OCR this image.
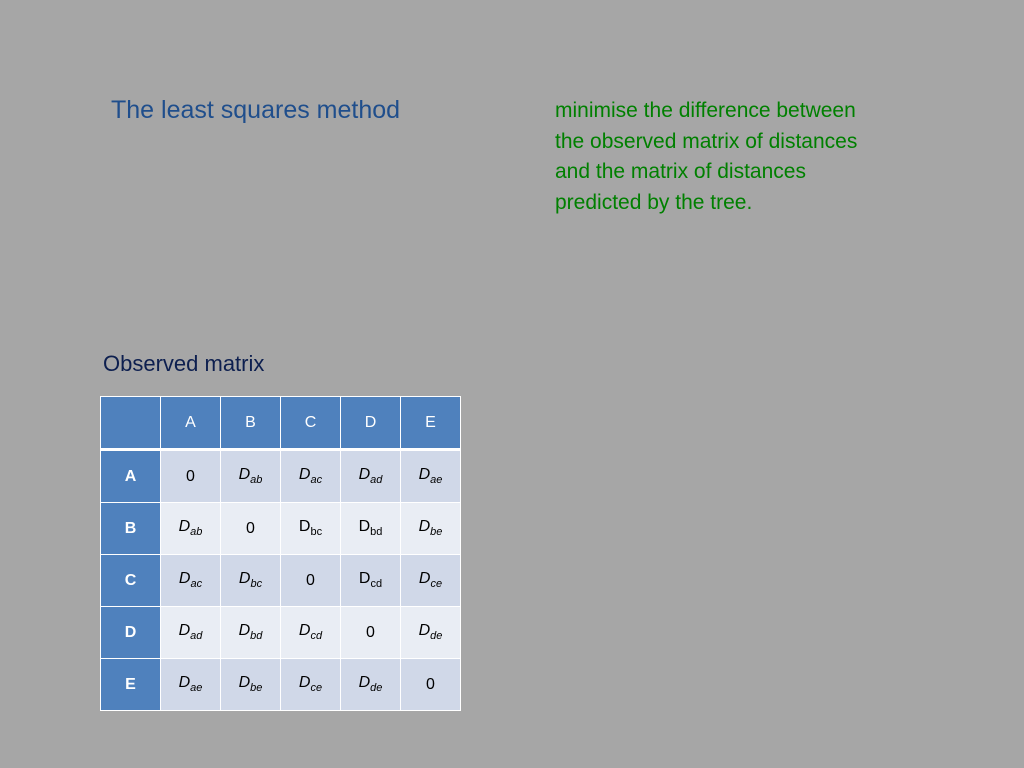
The least squares method	minimise the difference between
the observed matrix of distances
and the matrix of distances
predicted by the tree.
Observed matrix
	A	B	C	D	E
A	0	$D_{ab}$	$D_{ac}$	$D_{ad}$	$D_{ae}$
B	$D_{ab}$	0	$D_{bc}$	$D_{bd}$	$D_{be}$
C	$D_{ac}$	$D_{bc}$	0	$D_{cd}$	$D_{ce}$
D	$D_{ad}$	$D_{bd}$	$D_{cd}$	0	$D_{de}$
E	$D_{ae}$	$D_{be}$	$D_{ce}$	$D_{de}$	0
